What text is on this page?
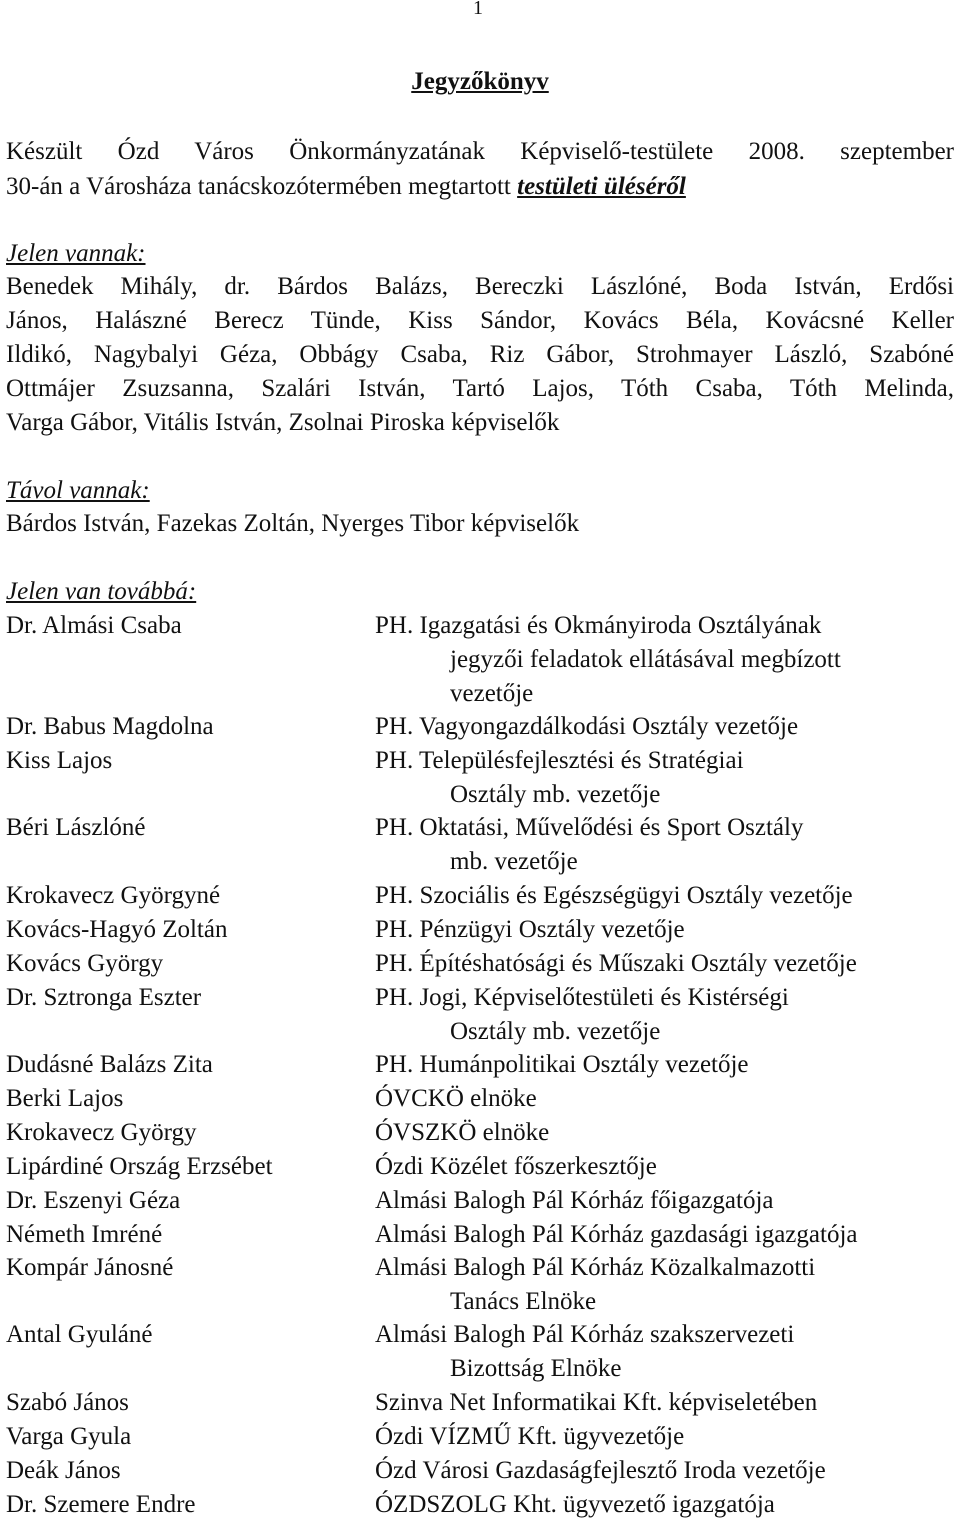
1
Jegyzőkönyv
Készült Ózd Város Önkormányzatának Képviselő-testülete 2008. szeptember
30-án a Városháza tanácskozótermében megtartott testületi üléséről
Jelen vannak:
Benedek Mihály, dr. Bárdos Balázs, Bereczki Lászlóné, Boda István, Erdősi
János, Halászné Berecz Tünde, Kiss Sándor, Kovács Béla, Kovácsné Keller
Ildikó, Nagybalyi Géza, Obbágy Csaba, Riz Gábor, Strohmayer László, Szabóné
Ottmájer Zsuzsanna, Szalári István, Tartó Lajos, Tóth Csaba, Tóth Melinda,
Varga Gábor, Vitális István, Zsolnai Piroska képviselők
Távol vannak:
Bárdos István, Fazekas Zoltán, Nyerges Tibor képviselők
Jelen van továbbá:
Dr. Almási Csaba	PH. Igazgatási és Okmányiroda Osztályának
jegyzői feladatok ellátásával megbízott
vezetője
Dr. Babus Magdolna	PH. Vagyongazdálkodási Osztály vezetője
Kiss Lajos	PH. Településfejlesztési és Stratégiai
Osztály mb. vezetője
Béri Lászlóné	PH. Oktatási, Művelődési és Sport Osztály
mb. vezetője
Krokavecz Györgyné	PH. Szociális és Egészségügyi Osztály vezetője
Kovács-Hagyó Zoltán	PH. Pénzügyi Osztály vezetője
Kovács György	PH. Építéshatósági és Műszaki Osztály vezetője
Dr. Sztronga Eszter	PH. Jogi, Képviselőtestületi és Kistérségi
Osztály mb. vezetője
Dudásné Balázs Zita	PH. Humánpolitikai Osztály vezetője
Berki Lajos	ÓVCKÖ elnöke
Krokavecz György	ÓVSZKÖ elnöke
Lipárdiné Ország Erzsébet	Ózdi Közélet főszerkesztője
Dr. Eszenyi Géza	Almási Balogh Pál Kórház főigazgatója
Németh Imréné	Almási Balogh Pál Kórház gazdasági igazgatója
Kompár Jánosné	Almási Balogh Pál Kórház Közalkalmazotti
Tanács Elnöke
Antal Gyuláné	Almási Balogh Pál Kórház szakszervezeti
Bizottság Elnöke
Szabó János	Szinva Net Informatikai Kft. képviseletében
Varga Gyula	Ózdi VÍZMŰ Kft. ügyvezetője
Deák János	Ózd Városi Gazdaságfejlesztő Iroda vezetője
Dr. Szemere Endre	ÓZDSZOLG Kht. ügyvezető igazgatója
